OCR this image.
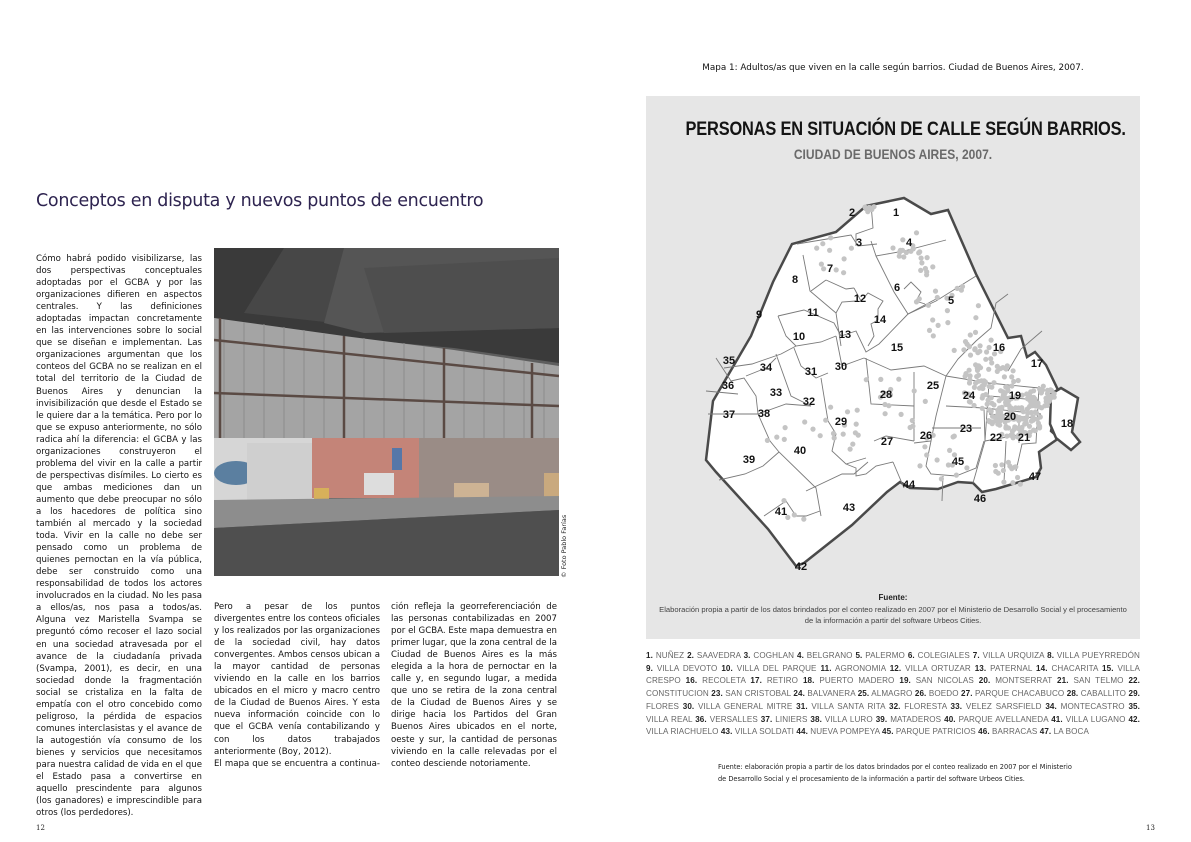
Conceptos en disputa y nuevos puntos de encuentro

Cómo habrá podido visibilizarse, las dos perspectivas conceptuales adoptadas por el GCBA y por las organizaciones difieren en aspectos centrales. Y las definiciones adoptadas impactan concretamente en las intervenciones sobre lo social que se diseñan e implementan. Las organizaciones argumentan que los conteos del GCBA no se realizan en el total del territorio de la Ciudad de Buenos Aires y denuncian la invisibilización que desde el Estado se le quiere dar a la temática. Pero por lo que se expuso anteriormente, no sólo radica ahí la diferencia: el GCBA y las organizaciones construyeron el problema del vivir en la calle a partir de perspectivas disímiles. Lo cierto es que ambas mediciones dan un aumento que debe preocupar no sólo a los hacedores de política sino también al mercado y la sociedad toda. Vivir en la calle no debe ser pensado como un problema de quienes pernoctan en la vía pública, debe ser construido como una responsabilidad de todos los actores involucrados en la ciudad. No les pasa a ellos/as, nos pasa a todos/as. Alguna vez Maristella Svampa se preguntó cómo recoser el lazo social en una sociedad atravesada por el avance de la ciudadanía privada (Svampa, 2001), es decir, en una sociedad donde la fragmentación social se cristaliza en la falta de empatía con el otro concebido como peligroso, la pérdida de espacios comunes interclasistas y el avance de la autogestión vía consumo de los bienes y servicios que necesitamos para nuestra calidad de vida en el que el Estado pasa a convertirse en aquello prescindente para algunos (los ganadores) e imprescindible para otros (los perdedores).

© Foto Pablo Farías

Pero a pesar de los puntos divergentes entre los conteos oficiales y los realizados por las organizaciones de la sociedad civil, hay datos convergentes. Ambos censos ubican a la mayor cantidad de personas viviendo en la calle en los barrios ubicados en el micro y macro centro de la Ciudad de Buenos Aires. Y esta nueva información coincide con lo que el GCBA venía contabilizando y con los datos trabajados anteriormente (Boy, 2012).

El mapa que se encuentra a continua-

ción refleja la georreferenciación de las personas contabilizadas en 2007 por el GCBA. Este mapa demuestra en primer lugar, que la zona central de la Ciudad de Buenos Aires es la más elegida a la hora de pernoctar en la calle y, en segundo lugar, a medida que uno se retira de la zona central de la Ciudad de Buenos Aires y se dirige hacia los Partidos del Gran Buenos Aires ubicados en el norte, oeste y sur, la cantidad de personas viviendo en la calle relevadas por el conteo desciende notoriamente.

12
Mapa 1: Adultos/as que viven en la calle según barrios. Ciudad de Buenos Aires, 2007.
PERSONAS EN SITUACIÓN DE CALLE SEGÚN BARRIOS.
CIUDAD DE BUENOS AIRES, 2007.
1
2
3	4
5
6
7
8
9
10
11
12
13
14
15	16
17
18
19
20
21
22
23
24
25
26
27
28
29
30
31
32
33
34
35
36
37 38
39
40
41
42
43
44
45
46
47
Fuente:
Elaboración propia a partir de los datos brindados por el conteo realizado en 2007 por el Ministerio de Desarrollo Social y el procesamiento de la información a partir del software Urbeos Cities.
1. NUÑEZ 2. SAAVEDRA 3. COGHLAN 4. BELGRANO 5. PALERMO 6. COLEGIALES 7. VILLA URQUIZA 8. VILLA PUEYRREDÓN 9. VILLA DEVOTO 10. VILLA DEL PARQUE 11. AGRONOMIA 12. VILLA ORTUZAR 13. PATERNAL 14. CHACARITA 15. VILLA CRESPO 16. RECOLETA 17. RETIRO 18. PUERTO MADERO 19. SAN NICOLAS 20. MONTSERRAT 21. SAN TELMO 22. CONSTITUCION 23. SAN CRISTOBAL 24. BALVANERA 25. ALMAGRO 26. BOEDO 27. PARQUE CHACABUCO 28. CABALLITO 29. FLORES 30. VILLA GENERAL MITRE 31. VILLA SANTA RITA 32. FLORESTA 33. VELEZ SARSFIELD 34. MONTECASTRO 35. VILLA REAL 36. VERSALLES 37. LINIERS 38. VILLA LURO 39. MATADEROS 40. PARQUE AVELLANEDA 41. VILLA LUGANO 42. VILLA RIACHUELO 43. VILLA SOLDATI 44. NUEVA POMPEYA 45. PARQUE PATRICIOS 46. BARRACAS 47. LA BOCA
Fuente: elaboración propia a partir de los datos brindados por el conteo realizado en 2007 por el Ministerio
de Desarrollo Social y el procesamiento de la información a partir del software Urbeos Cities.
13
